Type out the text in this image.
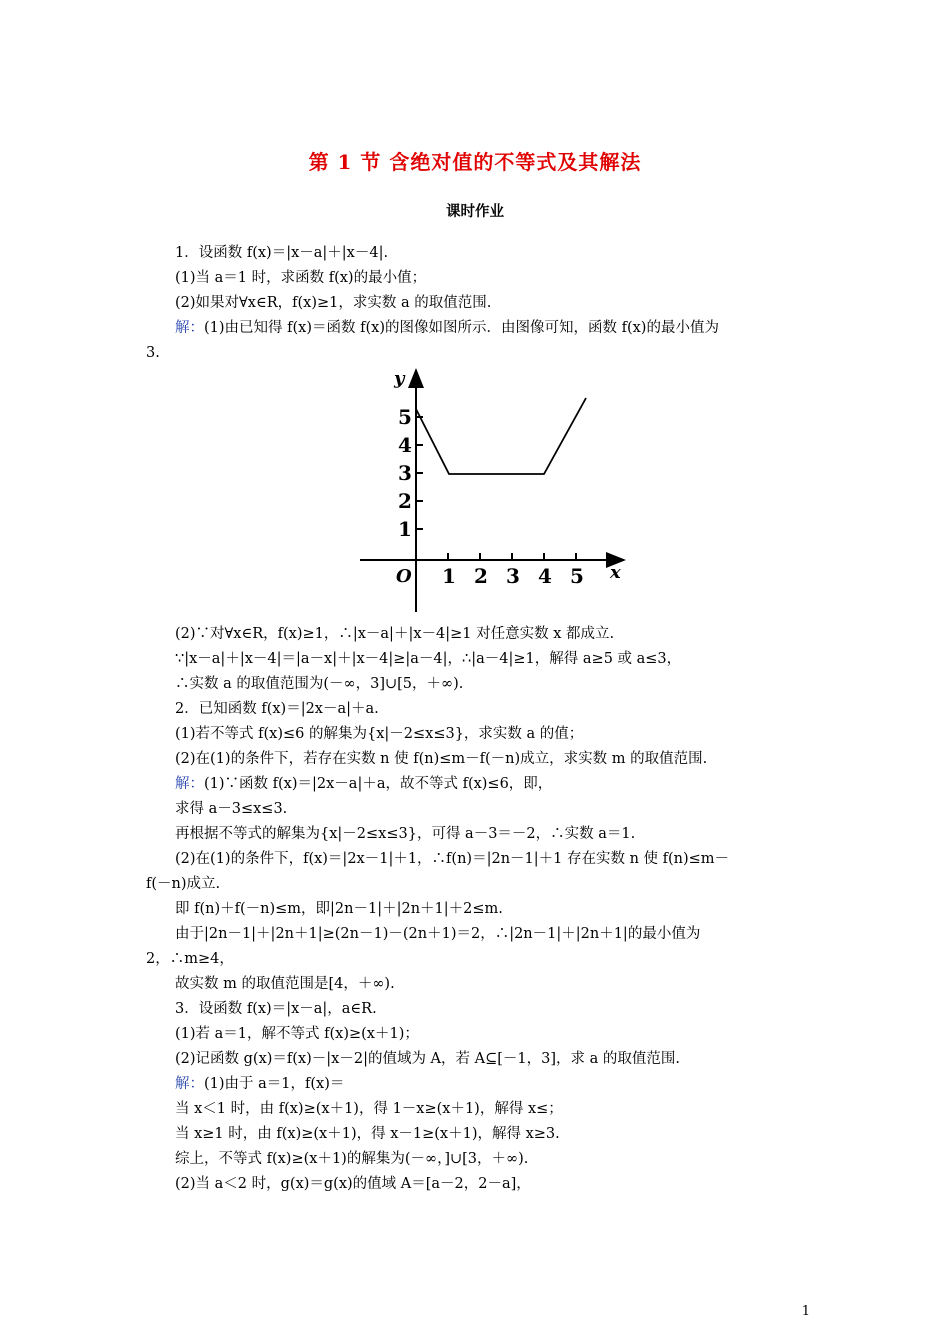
第 1 节 含绝对值的不等式及其解法
课时作业
1．设函数 f(x)＝|x－a|＋|x－4|.
(1)当 a＝1 时，求函数 f(x)的最小值；
(2)如果对∀x∈R，f(x)≥1，求实数 a 的取值范围.
解：(1)由已知得 f(x)＝函数 f(x)的图像如图所示．由图像可知，函数 f(x)的最小值为
3.
1 2 3 4 5
1
2
3
4
5
O	x
y
(2)∵对∀x∈R，f(x)≥1，∴|x－a|＋|x－4|≥1 对任意实数 x 都成立.
∵|x－a|＋|x－4|＝|a－x|＋|x－4|≥|a－4|，∴|a－4|≥1，解得 a≥5 或 a≤3，
∴实数 a 的取值范围为(－∞，3]∪[5，＋∞).
2．已知函数 f(x)＝|2x－a|＋a.
(1)若不等式 f(x)≤6 的解集为{x|－2≤x≤3}，求实数 a 的值；
(2)在(1)的条件下，若存在实数 n 使 f(n)≤m－f(－n)成立，求实数 m 的取值范围.
解：(1)∵函数 f(x)＝|2x－a|＋a，故不等式 f(x)≤6，即，
求得 a－3≤x≤3.
再根据不等式的解集为{x|－2≤x≤3}，可得 a－3＝－2，∴实数 a＝1.
(2)在(1)的条件下，f(x)＝|2x－1|＋1，∴f(n)＝|2n－1|＋1 存在实数 n 使 f(n)≤m－
f(－n)成立.
即 f(n)＋f(－n)≤m，即|2n－1|＋|2n＋1|＋2≤m.
由于|2n－1|＋|2n＋1|≥(2n－1)－(2n＋1)＝2，∴|2n－1|＋|2n＋1|的最小值为
2，∴m≥4，
故实数 m 的取值范围是[4，＋∞).
3．设函数 f(x)＝|x－a|，a∈R.
(1)若 a＝1，解不等式 f(x)≥(x＋1)；
(2)记函数 g(x)＝f(x)－|x－2|的值域为 A，若 A⊆[－1，3]，求 a 的取值范围.
解：(1)由于 a＝1，f(x)＝
当 x＜1 时，由 f(x)≥(x＋1)，得 1－x≥(x＋1)，解得 x≤；
当 x≥1 时，由 f(x)≥(x＋1)，得 x－1≥(x＋1)，解得 x≥3.
综上，不等式 f(x)≥(x＋1)的解集为(－∞，]∪[3，＋∞).
(2)当 a＜2 时，g(x)＝g(x)的值域 A＝[a－2，2－a]，
1
